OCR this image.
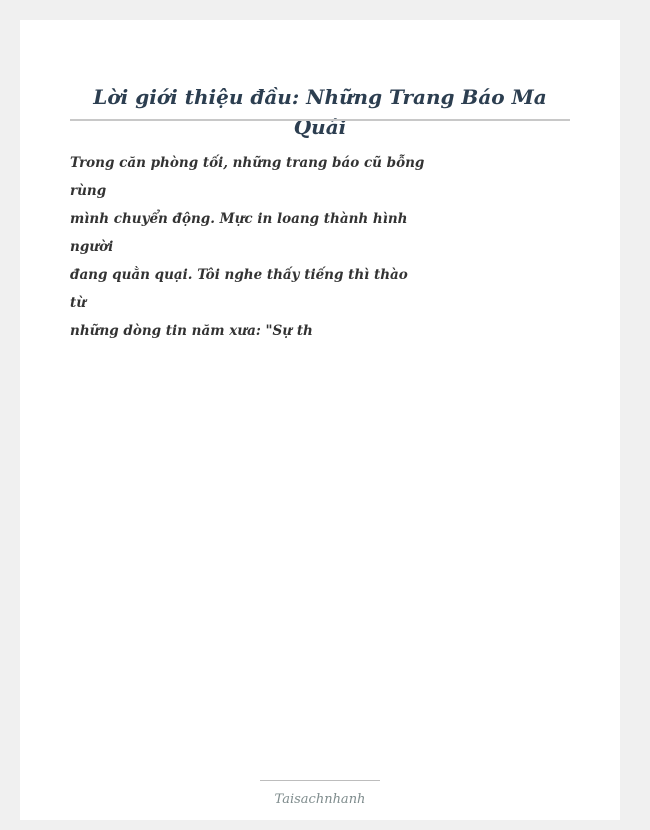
Lời giới thiệu đầu: Những Trang Báo Ma Quái
Trong căn phòng tối, những trang báo cũ bỗng
rùng
mình chuyển động. Mực in loang thành hình
người
đang quằn quại. Tôi nghe thấy tiếng thì thào
từ
những dòng tin năm xưa: "Sự th
Taisachnhanh
